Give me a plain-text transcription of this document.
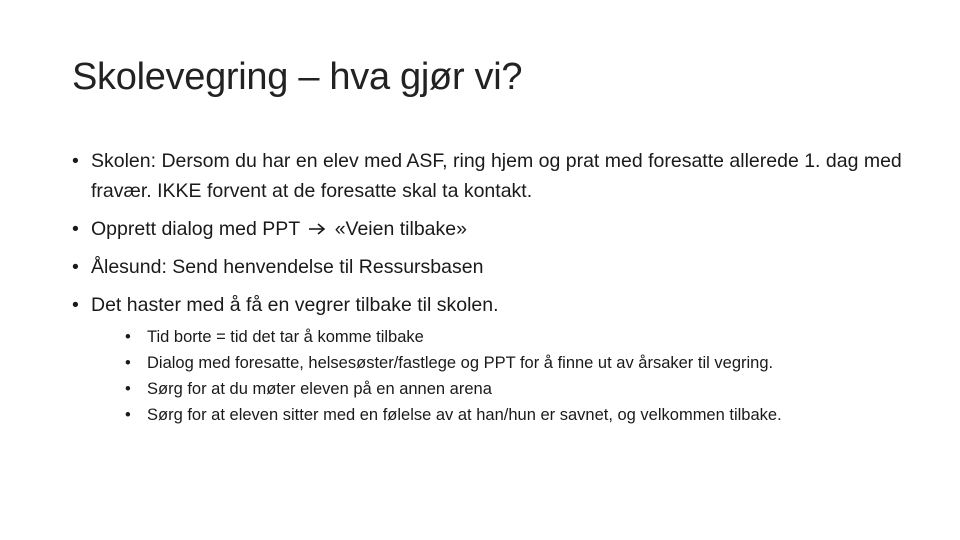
Skolevegring – hva gjør vi?
• Skolen: Dersom du har en elev med ASF, ring hjem og prat med foresatte allerede 1. dag med fravær. IKKE forvent at de foresatte skal ta kontakt.
• Opprett dialog med PPT «Veien tilbake»
• Ålesund: Send henvendelse til Ressursbasen
• Det haster med å få en vegrer tilbake til skolen.
• Tid borte = tid det tar å komme tilbake
• Dialog med foresatte, helsesøster/fastlege og PPT for å finne ut av årsaker til vegring.
• Sørg for at du møter eleven på en annen arena
• Sørg for at eleven sitter med en følelse av at han/hun er savnet, og velkommen tilbake.
